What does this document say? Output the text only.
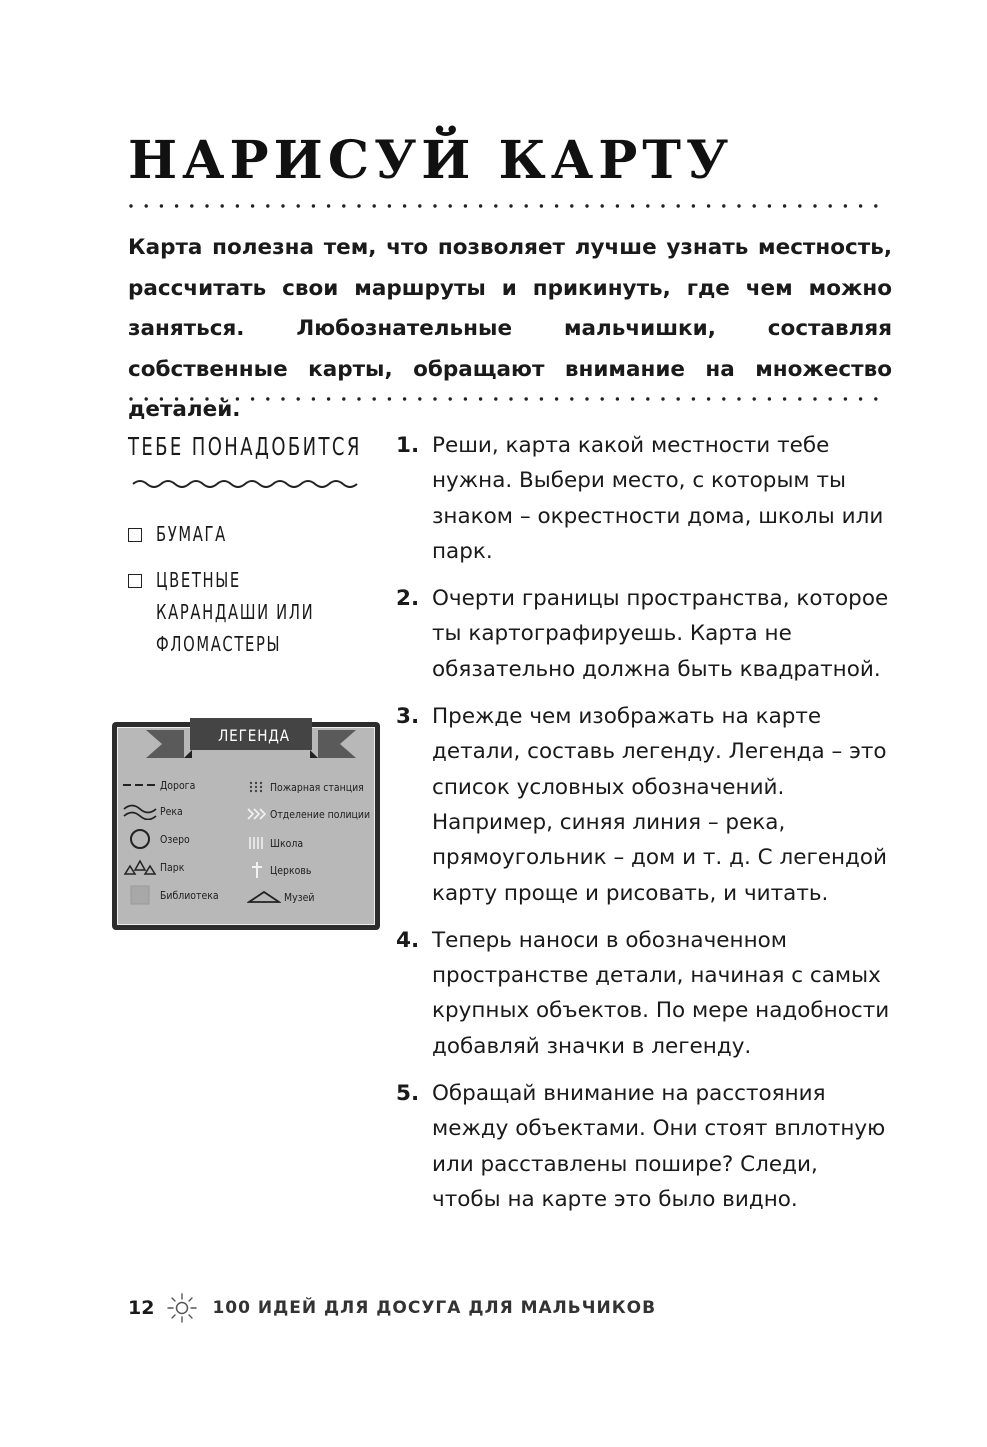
НАРИСУЙ КАРТУ

Карта полезна тем, что позволяет лучше узнать местность, рассчитать свои маршруты и прикинуть, где чем можно заняться. Любознательные мальчишки, составляя собственные карты, обращают внимание на множество деталей.

ТЕБЕ ПОНАДОБИТСЯ
БУМАГА
ЦВЕТНЫЕ КАРАНДАШИ ИЛИ ФЛОМАСТЕРЫ
ЛЕГЕНДА
Дорога
Река
Озеро
Парк
Библиотека
Пожарная станция
Отделение полиции
Школа
Церковь
Музей
1. Реши, карта какой местности тебе нужна. Выбери место, с которым ты знаком – окрестности дома, школы или парк.
2. Очерти границы пространства, которое ты картографируешь. Карта не обязательно должна быть квадратной.
3. Прежде чем изображать на карте детали, составь легенду. Легенда – это список условных обозначений. Например, синяя линия – река, прямоугольник – дом и т. д. С легендой карту проще и рисовать, и читать.
4. Теперь наноси в обозначенном пространстве детали, начиная с самых крупных объектов. По мере надобности добавляй значки в легенду.
5. Обращай внимание на расстояния между объектами. Они стоят вплотную или расставлены пошире? Следи, чтобы на карте это было видно.
12	100 ИДЕЙ ДЛЯ ДОСУГА ДЛЯ МАЛЬЧИКОВ
